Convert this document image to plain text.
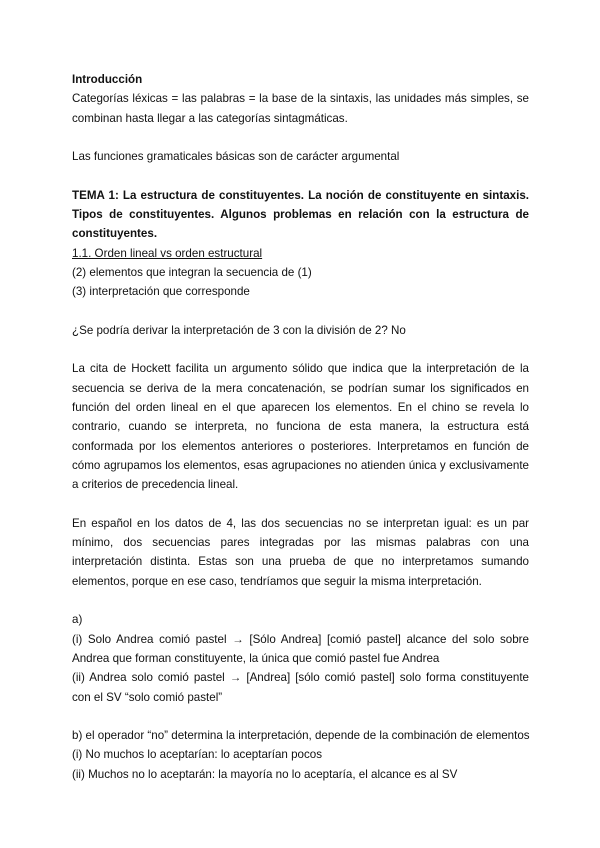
Introducción

Categorías léxicas = las palabras = la base de la sintaxis, las unidades más simples, se combinan hasta llegar a las categorías sintagmáticas.

Las funciones gramaticales básicas son de carácter argumental

TEMA 1: La estructura de constituyentes. La noción de constituyente en sintaxis. Tipos de constituyentes. Algunos problemas en relación con la estructura de constituyentes.

1.1. Orden lineal vs orden estructural

(2) elementos que integran la secuencia de (1)

(3) interpretación que corresponde

¿Se podría derivar la interpretación de 3 con la división de 2? No

La cita de Hockett facilita un argumento sólido que indica que la interpretación de la secuencia se deriva de la mera concatenación, se podrían sumar los significados en función del orden lineal en el que aparecen los elementos. En el chino se revela lo contrario, cuando se interpreta, no funciona de esta manera, la estructura está conformada por los elementos anteriores o posteriores. Interpretamos en función de cómo agrupamos los elementos, esas agrupaciones no atienden única y exclusivamente a criterios de precedencia lineal.

En español en los datos de 4, las dos secuencias no se interpretan igual: es un par mínimo, dos secuencias pares integradas por las mismas palabras con una interpretación distinta. Estas son una prueba de que no interpretamos sumando elementos, porque en ese caso, tendríamos que seguir la misma interpretación.

a)

(i) Solo Andrea comió pastel → [Sólo Andrea] [comió pastel] alcance del solo sobre Andrea que forman constituyente, la única que comió pastel fue Andrea

(ii) Andrea solo comió pastel → [Andrea] [sólo comió pastel] solo forma constituyente con el SV “solo comió pastel”

b) el operador “no” determina la interpretación, depende de la combinación de elementos

(i) No muchos lo aceptarían: lo aceptarían pocos

(ii) Muchos no lo aceptarán: la mayoría no lo aceptaría, el alcance es al SV
